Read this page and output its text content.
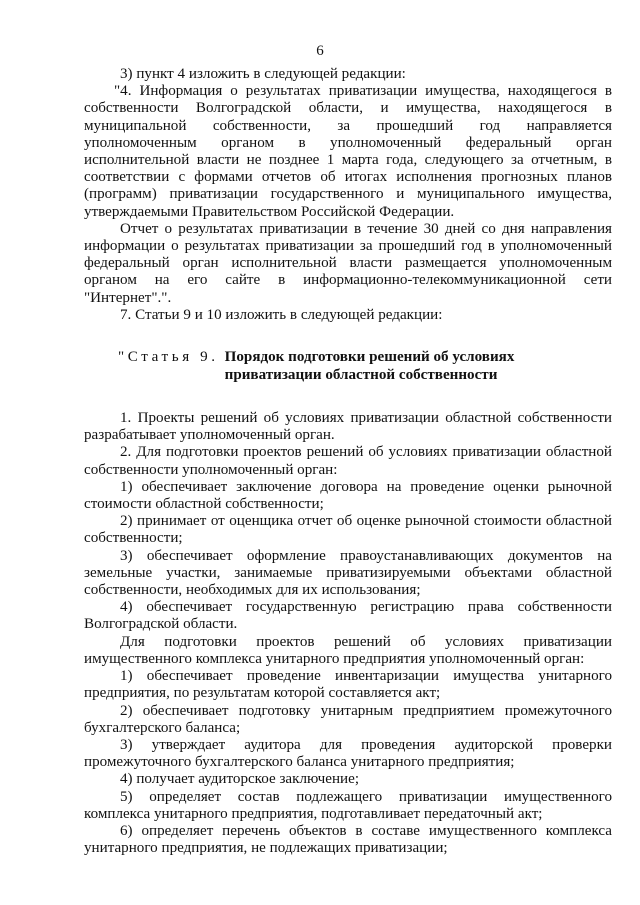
6

3) пункт 4 изложить в следующей редакции:

"4. Информация о результатах приватизации имущества, находящегося в собственности Волгоградской области, и имущества, находящегося в муниципальной собственности, за прошедший год направляется уполномоченным органом в уполномоченный федеральный орган исполнительной власти не позднее 1 марта года, следующего за отчетным, в соответствии с формами отчетов об итогах исполнения прогнозных планов (программ) приватизации государственного и муниципального имущества, утверждаемыми Правительством Российской Федерации.

Отчет о результатах приватизации в течение 30 дней со дня направления информации о результатах приватизации за прошедший год в уполномоченный федеральный орган исполнительной власти размещается уполномоченным органом на его сайте в информационно-телекоммуникационной сети "Интернет".".

7. Статьи 9 и 10 изложить в следующей редакции:

"Статья 9. Порядок подготовки решений об условиях приватизации областной собственности

1. Проекты решений об условиях приватизации областной собственности разрабатывает уполномоченный орган.

2. Для подготовки проектов решений об условиях приватизации областной собственности уполномоченный орган:

1) обеспечивает заключение договора на проведение оценки рыночной стоимости областной собственности;

2) принимает от оценщика отчет об оценке рыночной стоимости областной собственности;

3) обеспечивает оформление правоустанавливающих документов на земельные участки, занимаемые приватизируемыми объектами областной собственности, необходимых для их использования;

4) обеспечивает государственную регистрацию права собственности Волгоградской области.

Для подготовки проектов решений об условиях приватизации имущественного комплекса унитарного предприятия уполномоченный орган:

1) обеспечивает проведение инвентаризации имущества унитарного предприятия, по результатам которой составляется акт;

2) обеспечивает подготовку унитарным предприятием промежуточного бухгалтерского баланса;

3) утверждает аудитора для проведения аудиторской проверки промежуточного бухгалтерского баланса унитарного предприятия;

4) получает аудиторское заключение;

5) определяет состав подлежащего приватизации имущественного комплекса унитарного предприятия, подготавливает передаточный акт;

6) определяет перечень объектов в составе имущественного комплекса унитарного предприятия, не подлежащих приватизации;
